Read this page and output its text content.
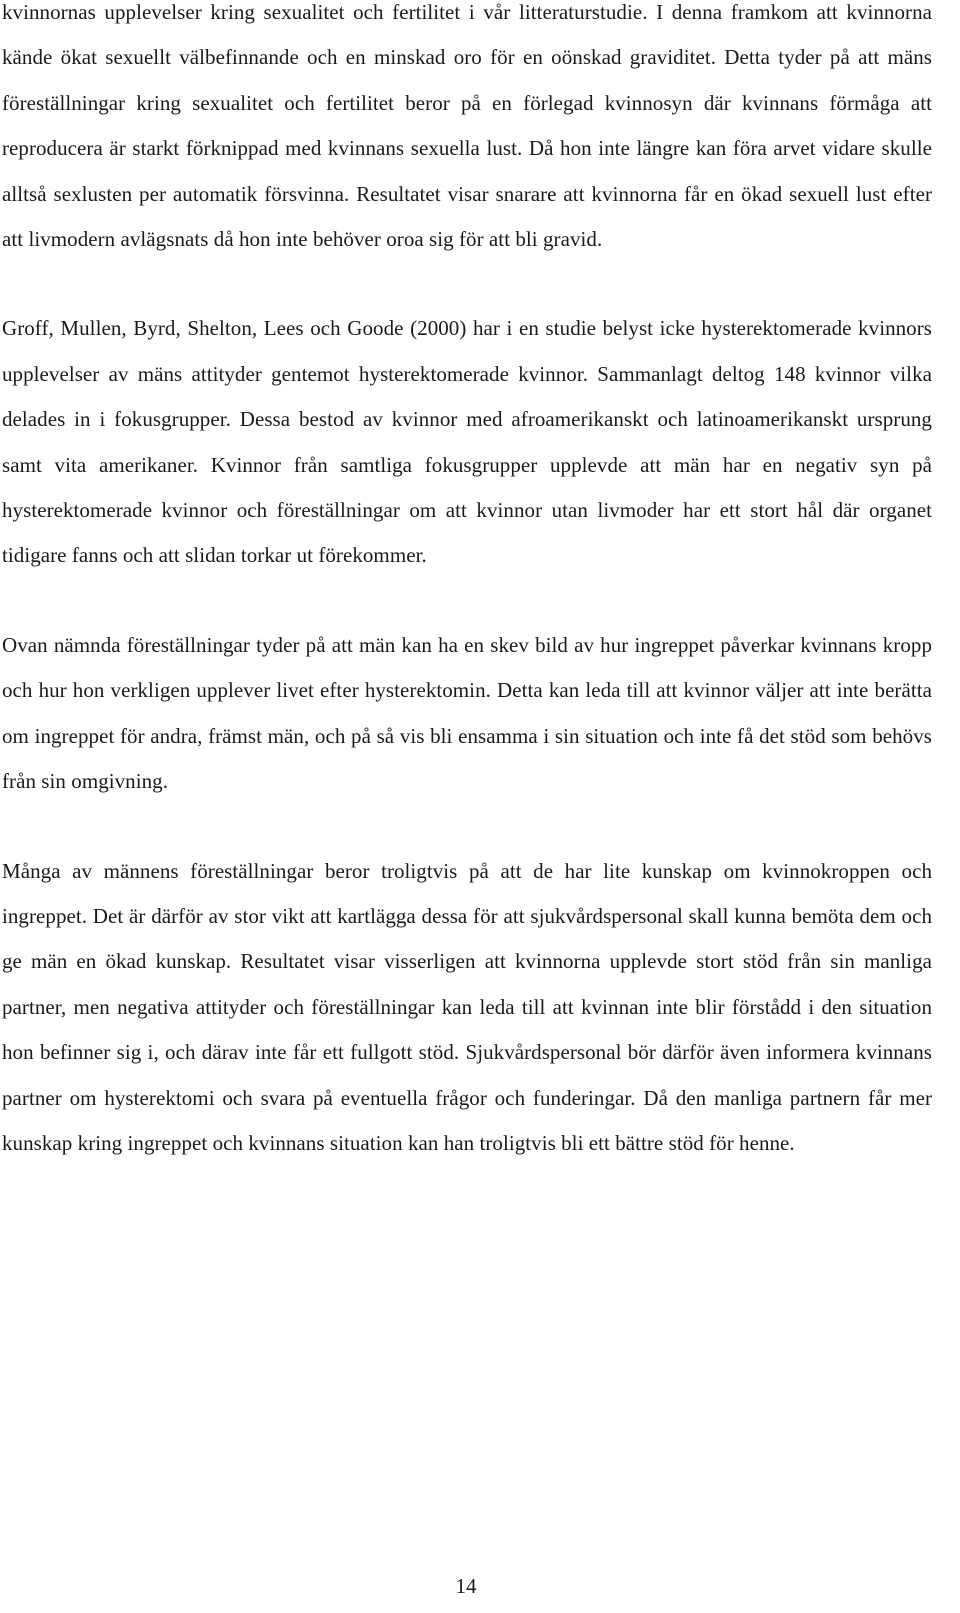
kvinnornas upplevelser kring sexualitet och fertilitet i vår litteraturstudie. I denna framkom att kvinnorna kände ökat sexuellt välbefinnande och en minskad oro för en oönskad graviditet. Detta tyder på att mäns föreställningar kring sexualitet och fertilitet beror på en förlegad kvinnosyn där kvinnans förmåga att reproducera är starkt förknippad med kvinnans sexuella lust. Då hon inte längre kan föra arvet vidare skulle alltså sexlusten per automatik försvinna. Resultatet visar snarare att kvinnorna får en ökad sexuell lust efter att livmodern avlägsnats då hon inte behöver oroa sig för att bli gravid.

Groff, Mullen, Byrd, Shelton, Lees och Goode (2000) har i en studie belyst icke hysterektomerade kvinnors upplevelser av mäns attityder gentemot hysterektomerade kvinnor. Sammanlagt deltog 148 kvinnor vilka delades in i fokusgrupper. Dessa bestod av kvinnor med afroamerikanskt och latinoamerikanskt ursprung samt vita amerikaner. Kvinnor från samtliga fokusgrupper upplevde att män har en negativ syn på hysterektomerade kvinnor och föreställningar om att kvinnor utan livmoder har ett stort hål där organet tidigare fanns och att slidan torkar ut förekommer.

Ovan nämnda föreställningar tyder på att män kan ha en skev bild av hur ingreppet påverkar kvinnans kropp och hur hon verkligen upplever livet efter hysterektomin. Detta kan leda till att kvinnor väljer att inte berätta om ingreppet för andra, främst män, och på så vis bli ensamma i sin situation och inte få det stöd som behövs från sin omgivning.

Många av männens föreställningar beror troligtvis på att de har lite kunskap om kvinnokroppen och ingreppet. Det är därför av stor vikt att kartlägga dessa för att sjukvårdspersonal skall kunna bemöta dem och ge män en ökad kunskap. Resultatet visar visserligen att kvinnorna upplevde stort stöd från sin manliga partner, men negativa attityder och föreställningar kan leda till att kvinnan inte blir förstådd i den situation hon befinner sig i, och därav inte får ett fullgott stöd. Sjukvårdspersonal bör därför även informera kvinnans partner om hysterektomi och svara på eventuella frågor och funderingar. Då den manliga partnern får mer kunskap kring ingreppet och kvinnans situation kan han troligtvis bli ett bättre stöd för henne.

14
